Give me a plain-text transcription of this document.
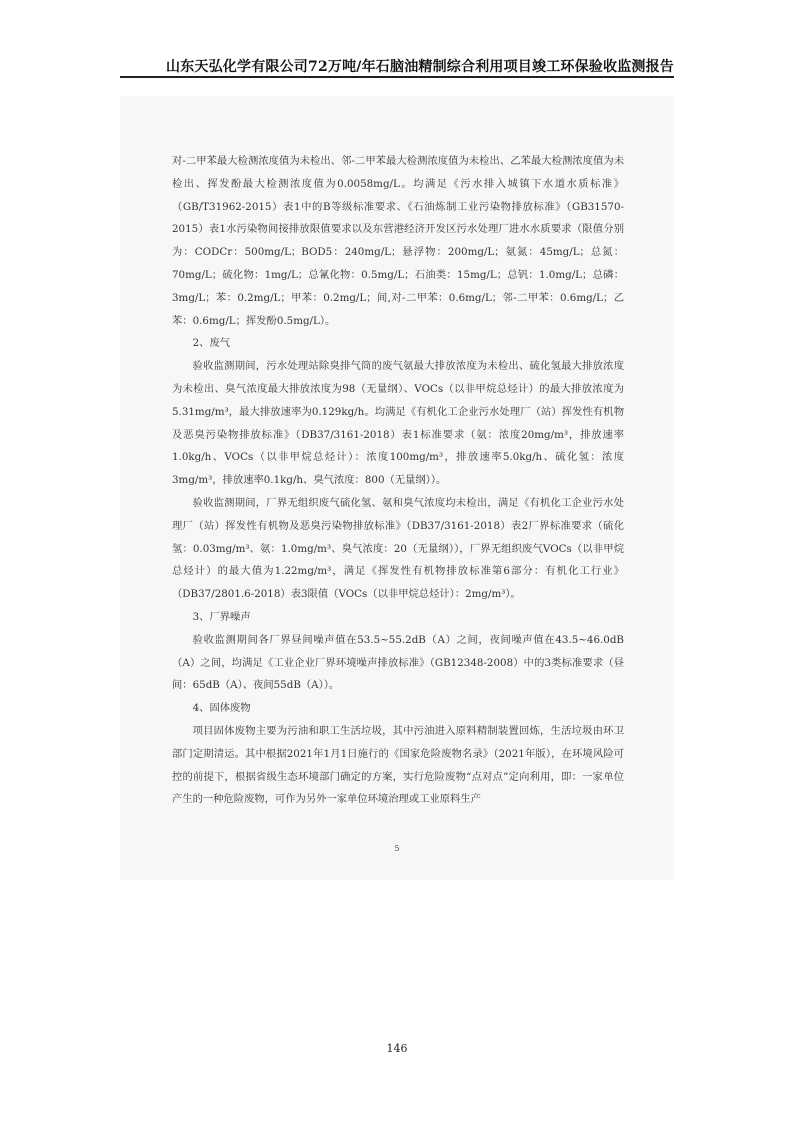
山东天弘化学有限公司72万吨/年石脑油精制综合利用项目竣工环保验收监测报告

对-二甲苯最大检测浓度值为未检出、邻-二甲苯最大检测浓度值为未检出、乙苯最大检测浓度值为未检出、挥发酚最大检测浓度值为0.0058mg/L。均满足《污水排入城镇下水道水质标准》（GB/T31962-2015）表1中的B等级标准要求、《石油炼制工业污染物排放标准》（GB31570-2015）表1水污染物间接排放限值要求以及东营港经济开发区污水处理厂进水水质要求（限值分别为：CODCr：500mg/L；BOD5：240mg/L；悬浮物：200mg/L；氨氮：45mg/L；总氮：70mg/L；硫化物：1mg/L；总氰化物：0.5mg/L；石油类：15mg/L；总钒：1.0mg/L；总磷：3mg/L；苯：0.2mg/L；甲苯：0.2mg/L；间,对-二甲苯：0.6mg/L；邻-二甲苯：0.6mg/L；乙苯：0.6mg/L；挥发酚0.5mg/L）。

2、废气

验收监测期间，污水处理站除臭排气筒的废气氨最大排放浓度为未检出、硫化氢最大排放浓度为未检出、臭气浓度最大排放浓度为98（无量纲）、VOCs（以非甲烷总烃计）的最大排放浓度为5.31mg/m³，最大排放速率为0.129kg/h。均满足《有机化工企业污水处理厂（站）挥发性有机物及恶臭污染物排放标准》（DB37/3161-2018）表1标准要求（氨：浓度20mg/m³，排放速率1.0kg/h、VOCs（以非甲烷总烃计）：浓度100mg/m³，排放速率5.0kg/h、硫化氢：浓度3mg/m³，排放速率0.1kg/h、臭气浓度：800（无量纲））。

验收监测期间，厂界无组织废气硫化氢、氨和臭气浓度均未检出，满足《有机化工企业污水处理厂（站）挥发性有机物及恶臭污染物排放标准》（DB37/3161-2018）表2厂界标准要求（硫化氢：0.03mg/m³、氨：1.0mg/m³、臭气浓度：20（无量纲）），厂界无组织废气VOCs（以非甲烷总烃计）的最大值为1.22mg/m³，满足《挥发性有机物排放标准第6部分：有机化工行业》（DB37/2801.6-2018）表3限值（VOCs（以非甲烷总烃计）：2mg/m³）。

3、厂界噪声

验收监测期间各厂界昼间噪声值在53.5~55.2dB（A）之间，夜间噪声值在43.5~46.0dB（A）之间，均满足《工业企业厂界环境噪声排放标准》（GB12348-2008）中的3类标准要求（昼间：65dB（A）、夜间55dB（A））。

4、固体废物

项目固体废物主要为污油和职工生活垃圾，其中污油进入原料精制装置回炼，生活垃圾由环卫部门定期清运。其中根据2021年1月1日施行的《国家危险废物名录》（2021年版），在环境风险可控的前提下，根据省级生态环境部门确定的方案，实行危险废物“点对点”定向利用，即：一家单位产生的一种危险废物，可作为另外一家单位环境治理或工业原料生产

5
146
